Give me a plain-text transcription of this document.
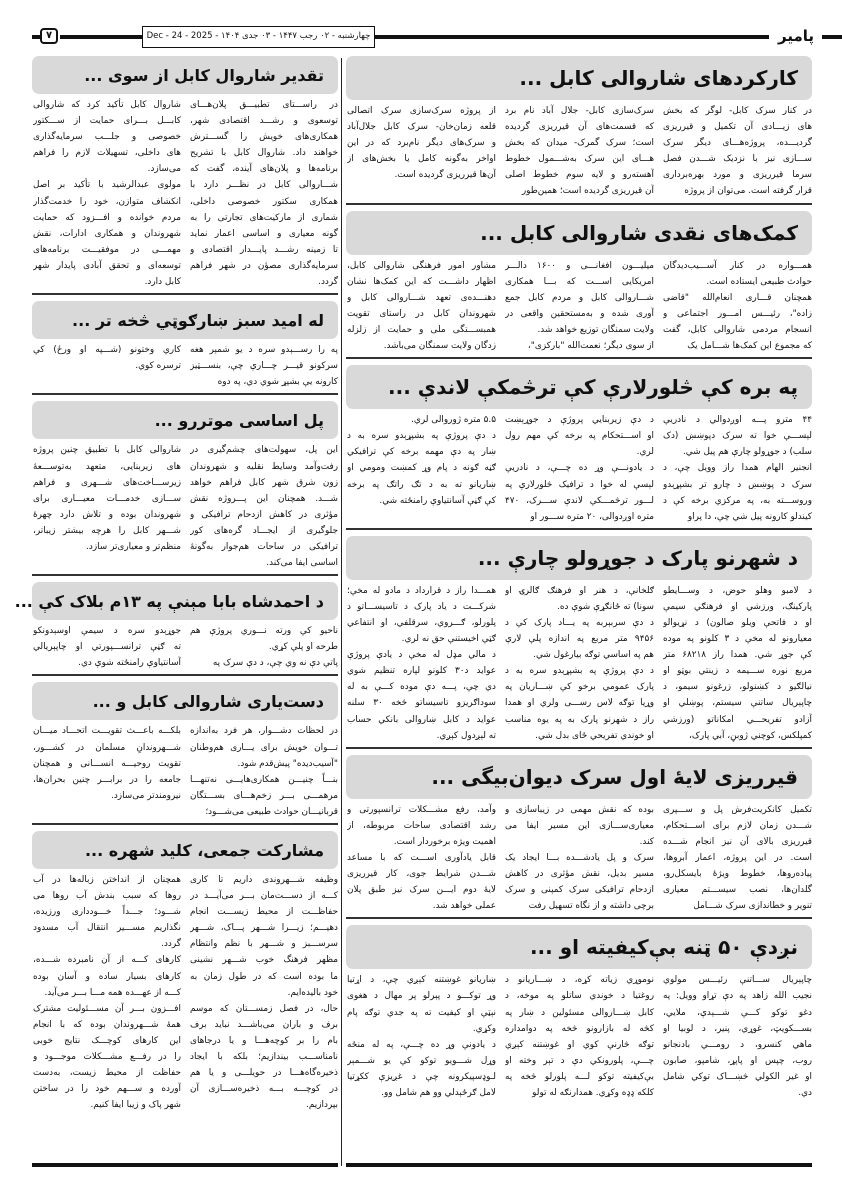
۷	چهارشنبه - ۰۲ رجب ۱۴۴۷ - ۰۳ جدی ۱۴۰۴ - 2025 - 24 - Dec	پامیر
کارکردهای شاروالی کابل ...
در کنار سرک کابل- لوگر که بخش
های زیـــادی آن تکمیل و قیرریزی
گردیـــده، پروژه‌هـــای دیگر سرک
ســـازی نیز با نزدیک شـــدن فصل
سرما قیرریزی و مورد بهره‌برداری
قرار گرفته است. می‌توان از پروژه
سرک‌سازی کابل- جلال آباد نام برد
که قسمت‌های آن قیرریزی گردیده
است؛ سرک گمرک- میدان که بخش
هـــای این سرک به‌شـــمول خطوط
آهسته‌رو و لایه سوم خطوط اصلی
آن قیرریزی گردیده است؛ همین‌طور
از پروژه سرک‌سازی سرک اتصالی
قلعه زمان‌خان- سرک کابل جلال‌آباد
و سرک‌های دیگر نام‌برد که در این
اواخر به‌گونه کامل یا بخش‌های از
آن‌ها قیرریزی گردیده است.
کمک‌های نقدی شاروالی کابل ...
همـــواره در کنار آســـیب‌دیدگان
حوادث طبیعی ایستاده است.
همچنان قـــاری انعام‌الله "قاضی
زاده"، رئیـــس امـــور اجتماعی و
انسجام مردمی شاروالی کابل، گفت
که مجموع این کمک‌ها شـــامل یک
میلیـــون افغانـــی و ۱۶۰۰ دالـــر
امریکایی اســـت که بـــا همکاری
شـــاروالی کابل و مردم کابل جمع
آوری شده و به‌مستحقین واقعی در
ولایت سمنگان توزیع خواهد شد.
از سوی دیگر؛ نعمت‌الله "بارکزی"،
مشاور امور فرهنگی شاروالی کابل،
اظهار داشـــت که این کمک‌ها نشان
دهنـــده‌ی تعهد شـــاروالی کابل و
شهروندان کابل در راستای تقویت
همبســـتگی ملی و حمایت از زلزله
زدگان ولایت سمنگان می‌باشد.
په بره کې څلورلارې کې ترڅمکې لاندې ...
۴۴ مترو پـــه اوږدوالي د نادریې
لېســـې خوا ته سرک دپوښښ (دک
سلب) د جوړولو چارې هم پیل شي.
انجنیر الهام همدا راز وویل چې، د
سرک د پوښښ د چارو تر بشپړېدو
وروســـته به، په مرکزي برخه کې د
کیندلو کارونه پیل شي چې، دا پراو
د دې زیربنایي پروژې د جوړېښت
او اســـتحکام په برخه کې مهم رول
لري.
د یادونـــې وړ ده چـــې، د نادریې
لېسې له خوا د ترافیک څلورلارې په
لـــور ترڅمـــکې لاندې ســـرک، ۴۷۰
متره اوږدوالی، ۲۰ متره ســـور او
۵.۵ متره ژوروالی لري.
د دې پروژې په بشپړېدو سره به د
ښار په دې مهمه برخه کې ترافیکي
ګڼه ګونه د پام وړ کمښت ومومي او
ښاریانو ته به د تګ راتګ په برخه
کې ګڼې آسانتیاوې رامنځته شي.
د شهرنو پارک د جوړولو چارې ...
د لامبو وهلو حوض، د وســـایطو
پارکینګ، ورزشي او فرهنګي سیمې
او د فاتحې ویلو صالون) د نړیوالو
معیارونو له مخې د ۳ کلونو په موده
کې جوړ شي. همدا راز ۶۸۲۱۸ متر
مربع نوره ســـیمه د زینتي بوټو او
نیالګیو د کښنولو، زرغونو سیمو، د
چاپېریال ساتنې سیستم، پوښلي او
آزادو تفریحـــي امکاناتو (ورزشي
کمپلکس، کوچني ژوبڼ، آبي پارک،
ګلخانې، د هنر او فرهنګ ګالرۍ او
سونا) ته ځانګړې شوې ده.
د دې سربېربه په یـــاد پارک کې د
۹۴۵۶ متر مربع په اندازه پلې لارې
هم په اساسي توګه بیارغول شي.
د دې پروژې په بشپړېدو سره به د
پارک عمومي برخو کې ښـــاریان په
وړیا توګه لاس رســـی ولري او همدا
راز د شهرنو پارک به په یوه مناسب
او خوندي تفریحي ځای بدل شي.
همـــدا راز د قرارداد د مادو له مخې؛
شرکـــت د یاد پارک د تاسیســـاتو د
پلورلو، ګـــروي، سرقلفي، او انتفاعي
ګټې اخیستنې حق نه لري.
د مالي مډل له مخې د یادې پروژې
عواید د۳۰ کلونو لپاره تنظیم شوي
دي چې، پـــه دې موده کـــې به له
سوداګریزو تاسیساتو څخه ۳۰ سلنه
عواید د کابل ښاروالی بانکي حساب
ته لېږدول کېږي.
قیرریزی لایۀ اول سرک دیوان‌بیگی ...
تکمیل کانکریت‌فرش پل و ســـپری
شـــدن زمان لازم برای اســـتحکام،
قیرریزی بالای آن نیز انجام شـــده
است. در این پروژه، اعمار آبروها،
پیاده‌روها، خطوط ویژۀ بایسکل‌رو،
گلدان‌ها، نصب سیســـتم معیاری
تنویر و خطاندازی سرک شـــامل
بوده که نقش مهمی در زیباسازی و
معیاری‌ســـازی این مسیر ایفا می
کند.
سرک و پل یادشـــده بـــا ایجاد یک
مسیر بدیل، نقش مؤثری در کاهش
ازدحام ترافیکی سرک کمپنی و سرک
برچی داشته و از نگاه تسهیل رفت
وآمد، رفع مشـــکلات ترانسپورتی و
رشد اقتصادی ساحات مربوطه، از
اهمیت ویژه برخوردار است.
قابل یادآوری اســـت که با مساعد
شـــدن شرایط جوی، کار قیرریزی
لایۀ دوم ایـــن سرک نیز طبق پلان
عملی خواهد شد.
نږدې ۵۰ ټنه بې‌کیفیته او ...
چاپېریال ســـاتنې رئیـــس مولوي
نجیب الله زاهد په دې تړاو وویل: په
دغو توکو کـــې شـــېدې، ملایي،
بســـکویټ، غوړي، پنیر، د لوبیا او
ماهي کنسرو، د رومـــي بادنجانو
روب، چپس او پاپړ، شامپو، صابون
او غیر الکولي څښـــاک توکي شامل
دي.
نوموړي زیاته کړه، د ښـــاریانو د
روغتیا د خوندي ساتلو په موخه، د
کابل ښـــاروالی مسئولین د ښار په
کڅه له بازارونو څخه په دوامداره
توګه څارنې کوي او غوښتنه کېږي
چـــې، پلورونکي دې د تېر وخته او
بې‌کیفیته توکو لـــه پلورلو څخه په
کلکه ډډه وکړي. همدارنګه له تولو
ښاریانو غوښتنه کېږي چې، د اړتیا
وړ توکـــو د پېرلو پر مهال د هغوی
نېټې او کیفیت ته په جدي توګه پام
وکړي.
د یادونې وړ ده چـــې، په له منځه
وړل شـــویو توکو کې یو شـــمېر
لـوډسپیکرونه چې د غږیزې ککړتیا
لامل ګرځېدلي وو هم شامل وو.
تقدیر شاروال کابل از سوی ...
در راســـتای تطبیـــق پلان‌هـــای
توسعوی و رشـــد اقتصادی شهر،
همکاری‌های خویش را گســـترش
خواهند داد. شاروال کابل با تشریح
برنامه‌ها و پلان‌های آینده، گفت که
شـــاروالی کابل در نظـــر دارد با
همکاری سکتور خصوصی داخلی،
شماری از مارکیت‌های تجارتی را به
گونه معیاری و اساسی اعمار نماید
تا زمینه رشـــد پایـــدار اقتصادی و
سرمایه‌گذاری مصؤن در شهر فراهم
گردد.
شاروال کابل تأکید کرد که شاروالی
کابـــل بـــرای حمایت از ســـکتور
خصوصی و جلـــب سرمایه‌گذاری
های داخلی، تسهیلات لازم را فراهم
می‌سازد.
مولوی عبدالرشید با تأکید بر اصل
انکشاف متوازن، خود را خدمت‌گذار
مردم خوانده و افـــزود که حمایت
شهروندان و همکاری ادارات، نقش
مهمـــی در موفقیـــت برنامه‌های
توسعه‌ای و تحقق آبادی پایدار شهر
کابل دارد.
له امید سبز ښارګوټي څخه تر ...
په را رســـېدو سره د یو شمېر هغه
سرکونو قیـــر چـــارې چې، بنســـټیز
کارونه یې بشپړ شوي دي، په دوه
کاري وختونو (شـــپه او ورځ) کې
ترسره کوي.
پل اساسی موتررو ...
این پل، سهولت‌های چشم‌گیری در
رفت‌وآمد وسایط نقلیه و شهروندان
زون شرق شهر کابل فراهم خواهد
شـــد. همچنان این پـــروژه نقش
مؤثری در کاهش ازدحام ترافیکی و
جلوگیری از ایجـــاد گره‌های کور
ترافیکی در ساحات هم‌جوار به‌گونۀ
اساسی ایفا می‌کند.
شاروالی کابل با تطبیق چنین پروژه
های زیربنایی، متعهد به‌توســـعۀ
زیرســـاخت‌های شـــهری و فراهم
ســـازی خدمـــات معیـــاری برای
شهروندان بوده و تلاش دارد چهرۀ
شـــهر کابل را هرچه بیشتر زیباتر،
منظم‌تر و معیاری‌تر سازد.
د احمدشاه بابا مېنې په ۱۳م بلاک کې ...
ناحیو کې ورته نـــوري پروژې هم
طرحه او پلې کړي.
پاتې دې نه وي چې، د دې سرک په
جوړېدو سره د سیمې اوسېدونکو
ته ګڼې ترانســـپورتي او چاپېریالي
آسانتیاوې رامنځته شوې دي.
دست‌یاری شاروالی کابل و ...
در لحظات دشـــوار، هر فرد به‌اندازه
تـــوان خویش برای یـــاری هم‌وطنان
"آسیب‌دیده" پیش‌قدم شود.
بنـــاً چنیـــن همکاری‌هایـــی نه‌تنهـــا
مرهمـــی بـــر زخم‌هـــای بســـتگان
قربانیـــان حوادث طبیعی می‌شـــود؛
بلکـــه باعـــث تقویـــت اتحـــاد میـــان
شـــهروندانِ مسلمان در کشـــور،
تقویت روحیـــه انســـانی و همچنان
جامعه را در برابـــر چنین بحران‌ها،
نیرومندتر می‌سازد.
مشارکت جمعی، کلید شهره ...
وظیفه شـــهروندی داریم تا کاری
کـــه از دســـت‌مان بـــر می‌آیـــد در
حفاظـــت از محیط زیســـت انجام
دهیـــم؛ زیـــرا شـــهر پـــاک، شـــهر
سرســـبز و شـــهر با نظم وانتظام
مظهر فرهنگ خوب شـــهر نشینی
ما بوده است که در طول زمان به
خود بالیده‌ایم.
حال، در فصل زمســـتان که موسم
برف و باران می‌باشـــد نباید برف
بام را بر کوچه‌هـــا و یا درجاهای
نامناســـب بیندازیم؛ بلکه با ایجاد
ذخیره‌گاه‌هـــا در حویلـــی و یا هم
در کوچـــه بـــه ذخیره‌ســـازی آن
بپردازیم.
همچنان از انداختن زباله‌ها در آب
روها که سبب بندش آب روها می
شـــود؛ جـــداً خـــودداری ورزیده،
نگذاریم مســـیر انتقال آب مسدود
گردد.
کارهای کـــه از آن نامبرده شـــده،
کارهای بسیار ساده و آسان بوده
کـــه از عهـــده همه مـــا بـــر می‌آید.
افـــزون بـــر آن مســـئولیت مشترک
همۀ شـــهروندان بوده که با انجام
این کارهای کوچـــک نتایج خوبی
را در رفـــع مشـــکلات موجـــود و
حفاظت از محیط زیست، به‌دست
آورده و ســـهم خود را در ساختن
شهر پاک و زیبا ایفا کنیم.
